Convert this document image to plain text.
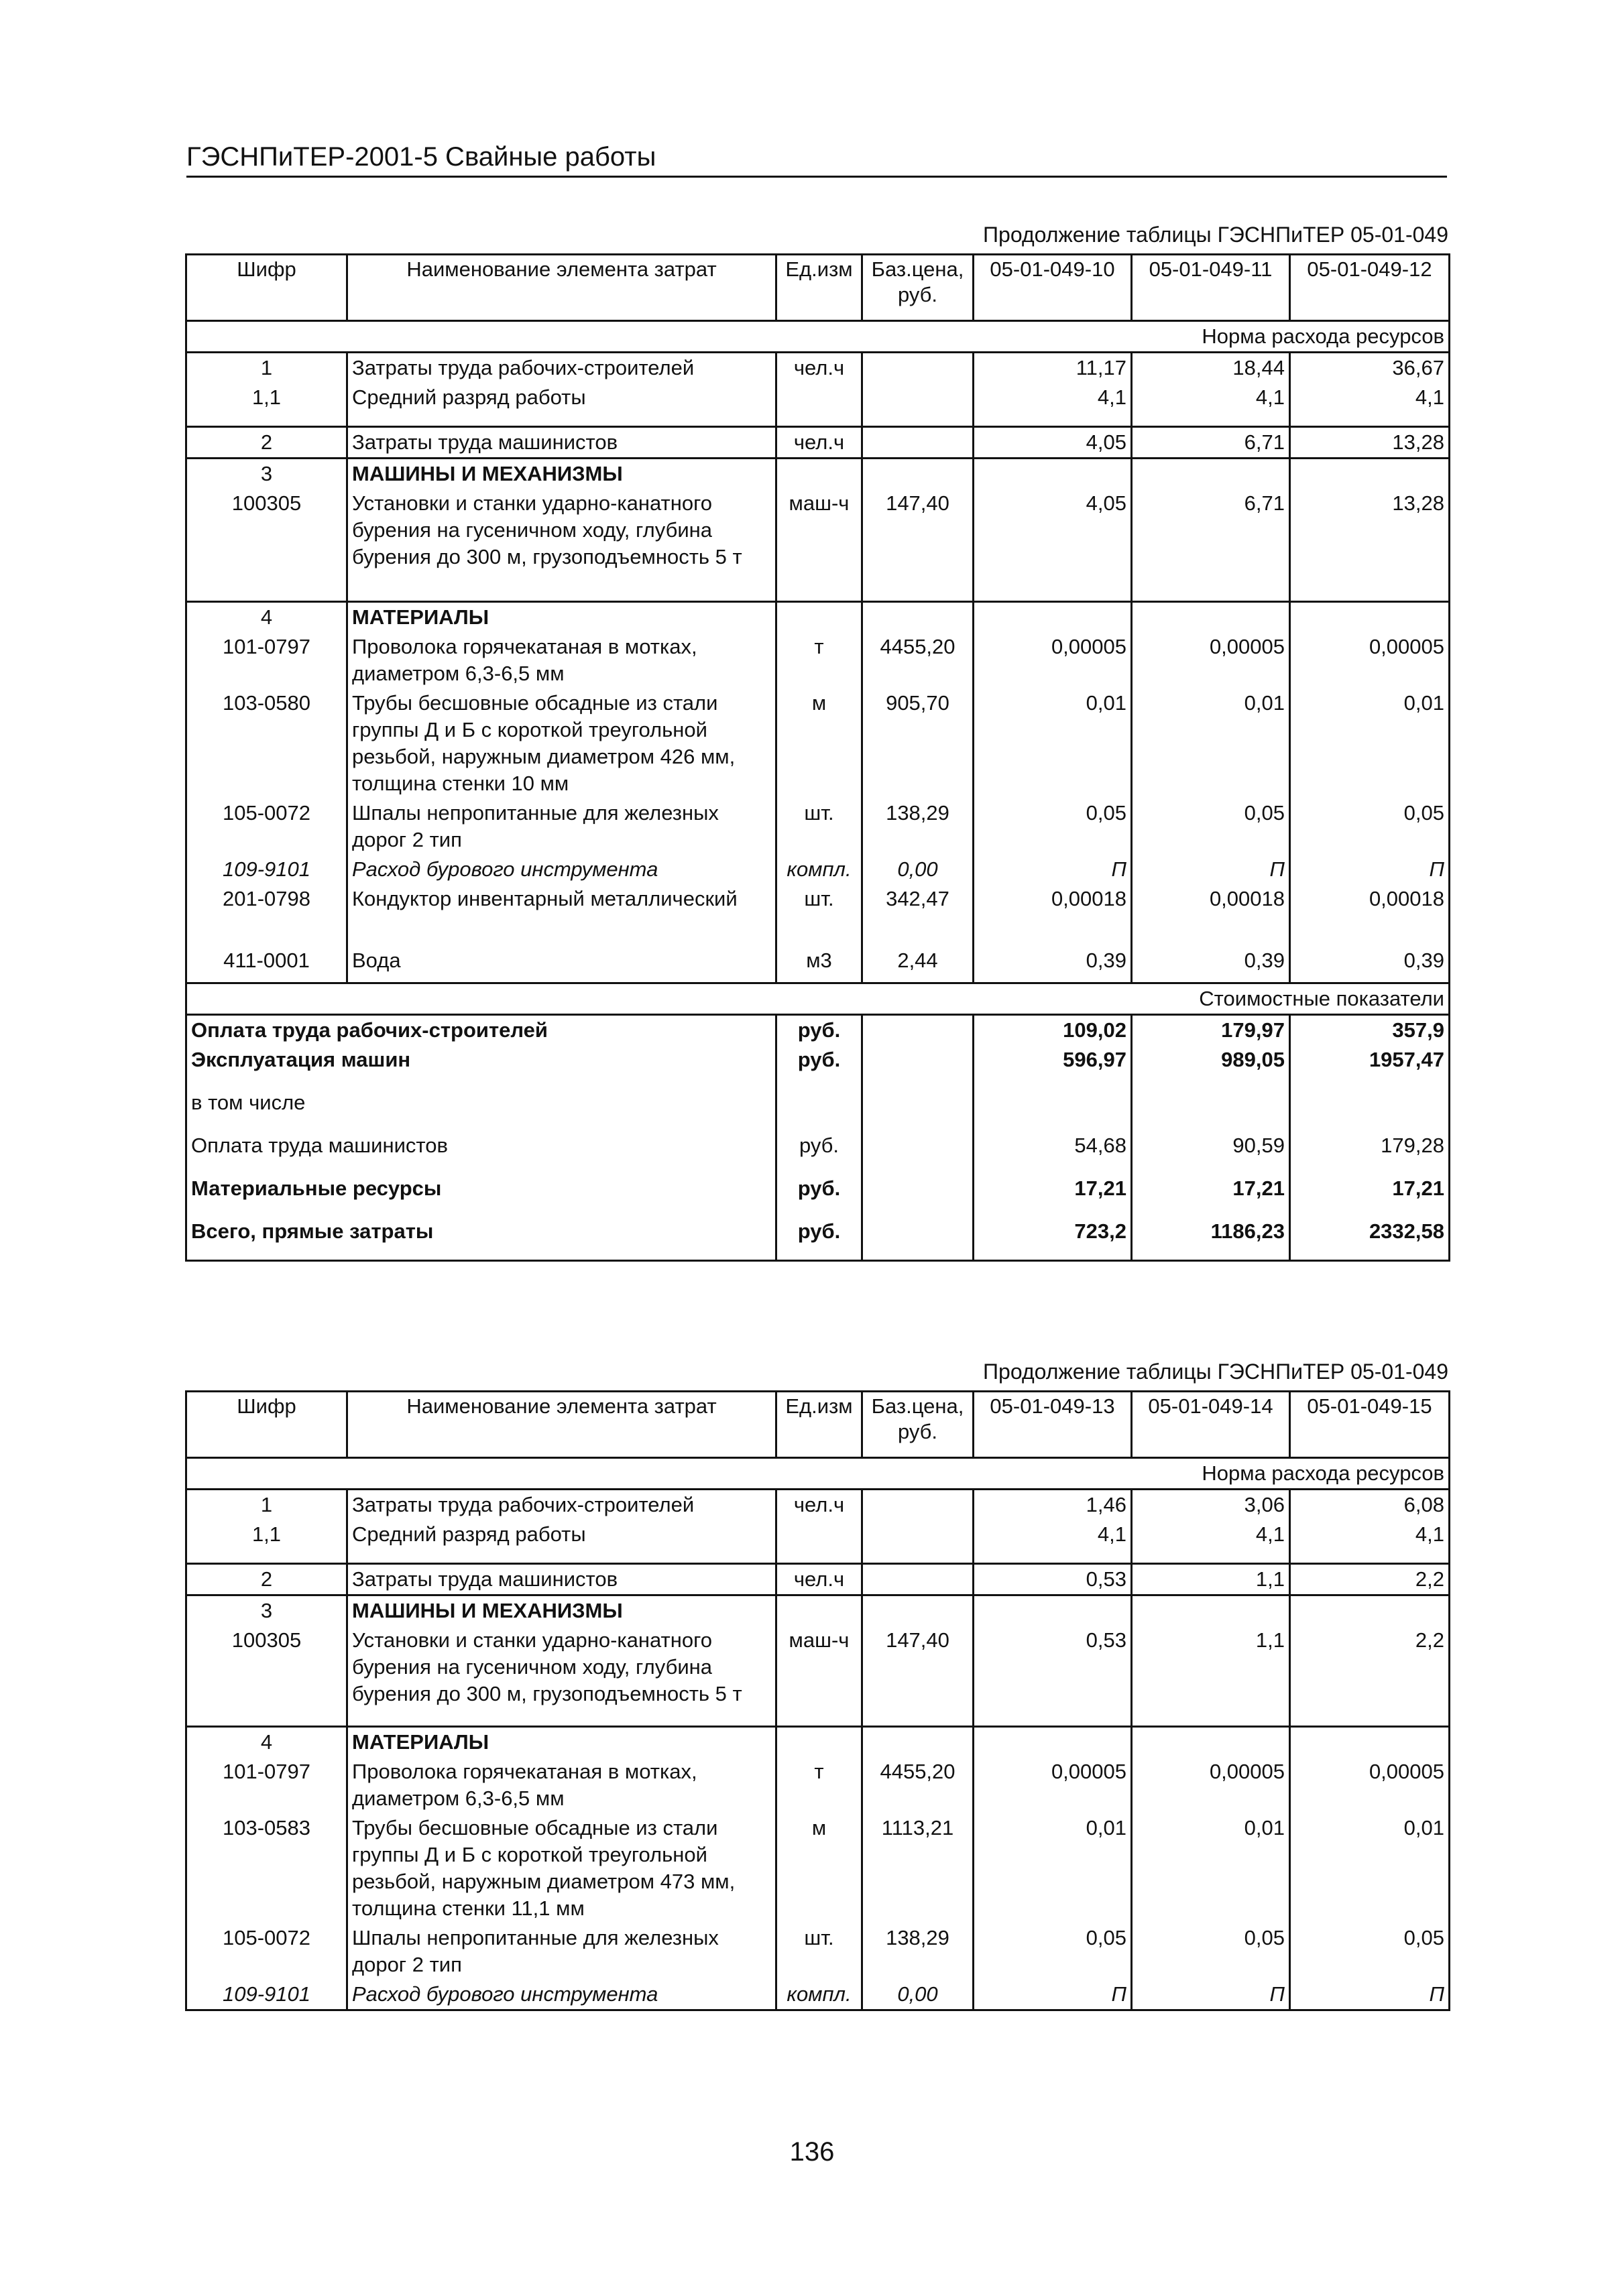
ГЭСНПиТЕР-2001-5 Свайные работы
Продолжение таблицы ГЭСНПиТЕР 05-01-049
Шифр	Наименование элемента затрат	Ед.изм	Баз.цена, руб.	05-01-049-10	05-01-049-11	05-01-049-12
Норма расхода ресурсов						
1	Затраты труда рабочих-строителей	чел.ч		11,17	18,44	36,67
1,1	Средний разряд работы			4,1	4,1	4,1
2	Затраты труда машинистов	чел.ч		4,05	6,71	13,28
3	МАШИНЫ И МЕХАНИЗМЫ					
100305	Установки и станки ударно-канатного бурения на гусеничном ходу, глубина бурения до 300 м, грузоподъемность 5 т	маш-ч	147,40	4,05	6,71	13,28
4	МАТЕРИАЛЫ					
101-0797	Проволока горячекатаная в мотках, диаметром 6,3-6,5 мм	т	4455,20	0,00005	0,00005	0,00005
103-0580	Трубы бесшовные обсадные из стали группы Д и Б с короткой треугольной резьбой, наружным диаметром 426 мм, толщина стенки 10 мм	м	905,70	0,01	0,01	0,01
105-0072	Шпалы непропитанные для железных дорог 2 тип	шт.	138,29	0,05	0,05	0,05
109-9101	Расход бурового инструмента	компл.	0,00	П	П	П
201-0798	Кондуктор инвентарный металлический	шт.	342,47	0,00018	0,00018	0,00018
411-0001	Вода	м3	2,44	0,39	0,39	0,39
Стоимостные показатели						
Оплата труда рабочих-строителей		руб.		109,02	179,97	357,9
Эксплуатация машин		руб.		596,97	989,05	1957,47
в том числе						
Оплата труда машинистов		руб.		54,68	90,59	179,28
Материальные ресурсы		руб.		17,21	17,21	17,21
Всего, прямые затраты		руб.		723,2	1186,23	2332,58
Продолжение таблицы ГЭСНПиТЕР 05-01-049
Шифр	Наименование элемента затрат	Ед.изм	Баз.цена, руб.	05-01-049-13	05-01-049-14	05-01-049-15
Норма расхода ресурсов						
1	Затраты труда рабочих-строителей	чел.ч		1,46	3,06	6,08
1,1	Средний разряд работы			4,1	4,1	4,1
2	Затраты труда машинистов	чел.ч		0,53	1,1	2,2
3	МАШИНЫ И МЕХАНИЗМЫ					
100305	Установки и станки ударно-канатного бурения на гусеничном ходу, глубина бурения до 300 м, грузоподъемность 5 т	маш-ч	147,40	0,53	1,1	2,2
4	МАТЕРИАЛЫ					
101-0797	Проволока горячекатаная в мотках, диаметром 6,3-6,5 мм	т	4455,20	0,00005	0,00005	0,00005
103-0583	Трубы бесшовные обсадные из стали группы Д и Б с короткой треугольной резьбой, наружным диаметром 473 мм, толщина стенки 11,1 мм	м	1113,21	0,01	0,01	0,01
105-0072	Шпалы непропитанные для железных дорог 2 тип	шт.	138,29	0,05	0,05	0,05
109-9101	Расход бурового инструмента	компл.	0,00	П	П	П
136
